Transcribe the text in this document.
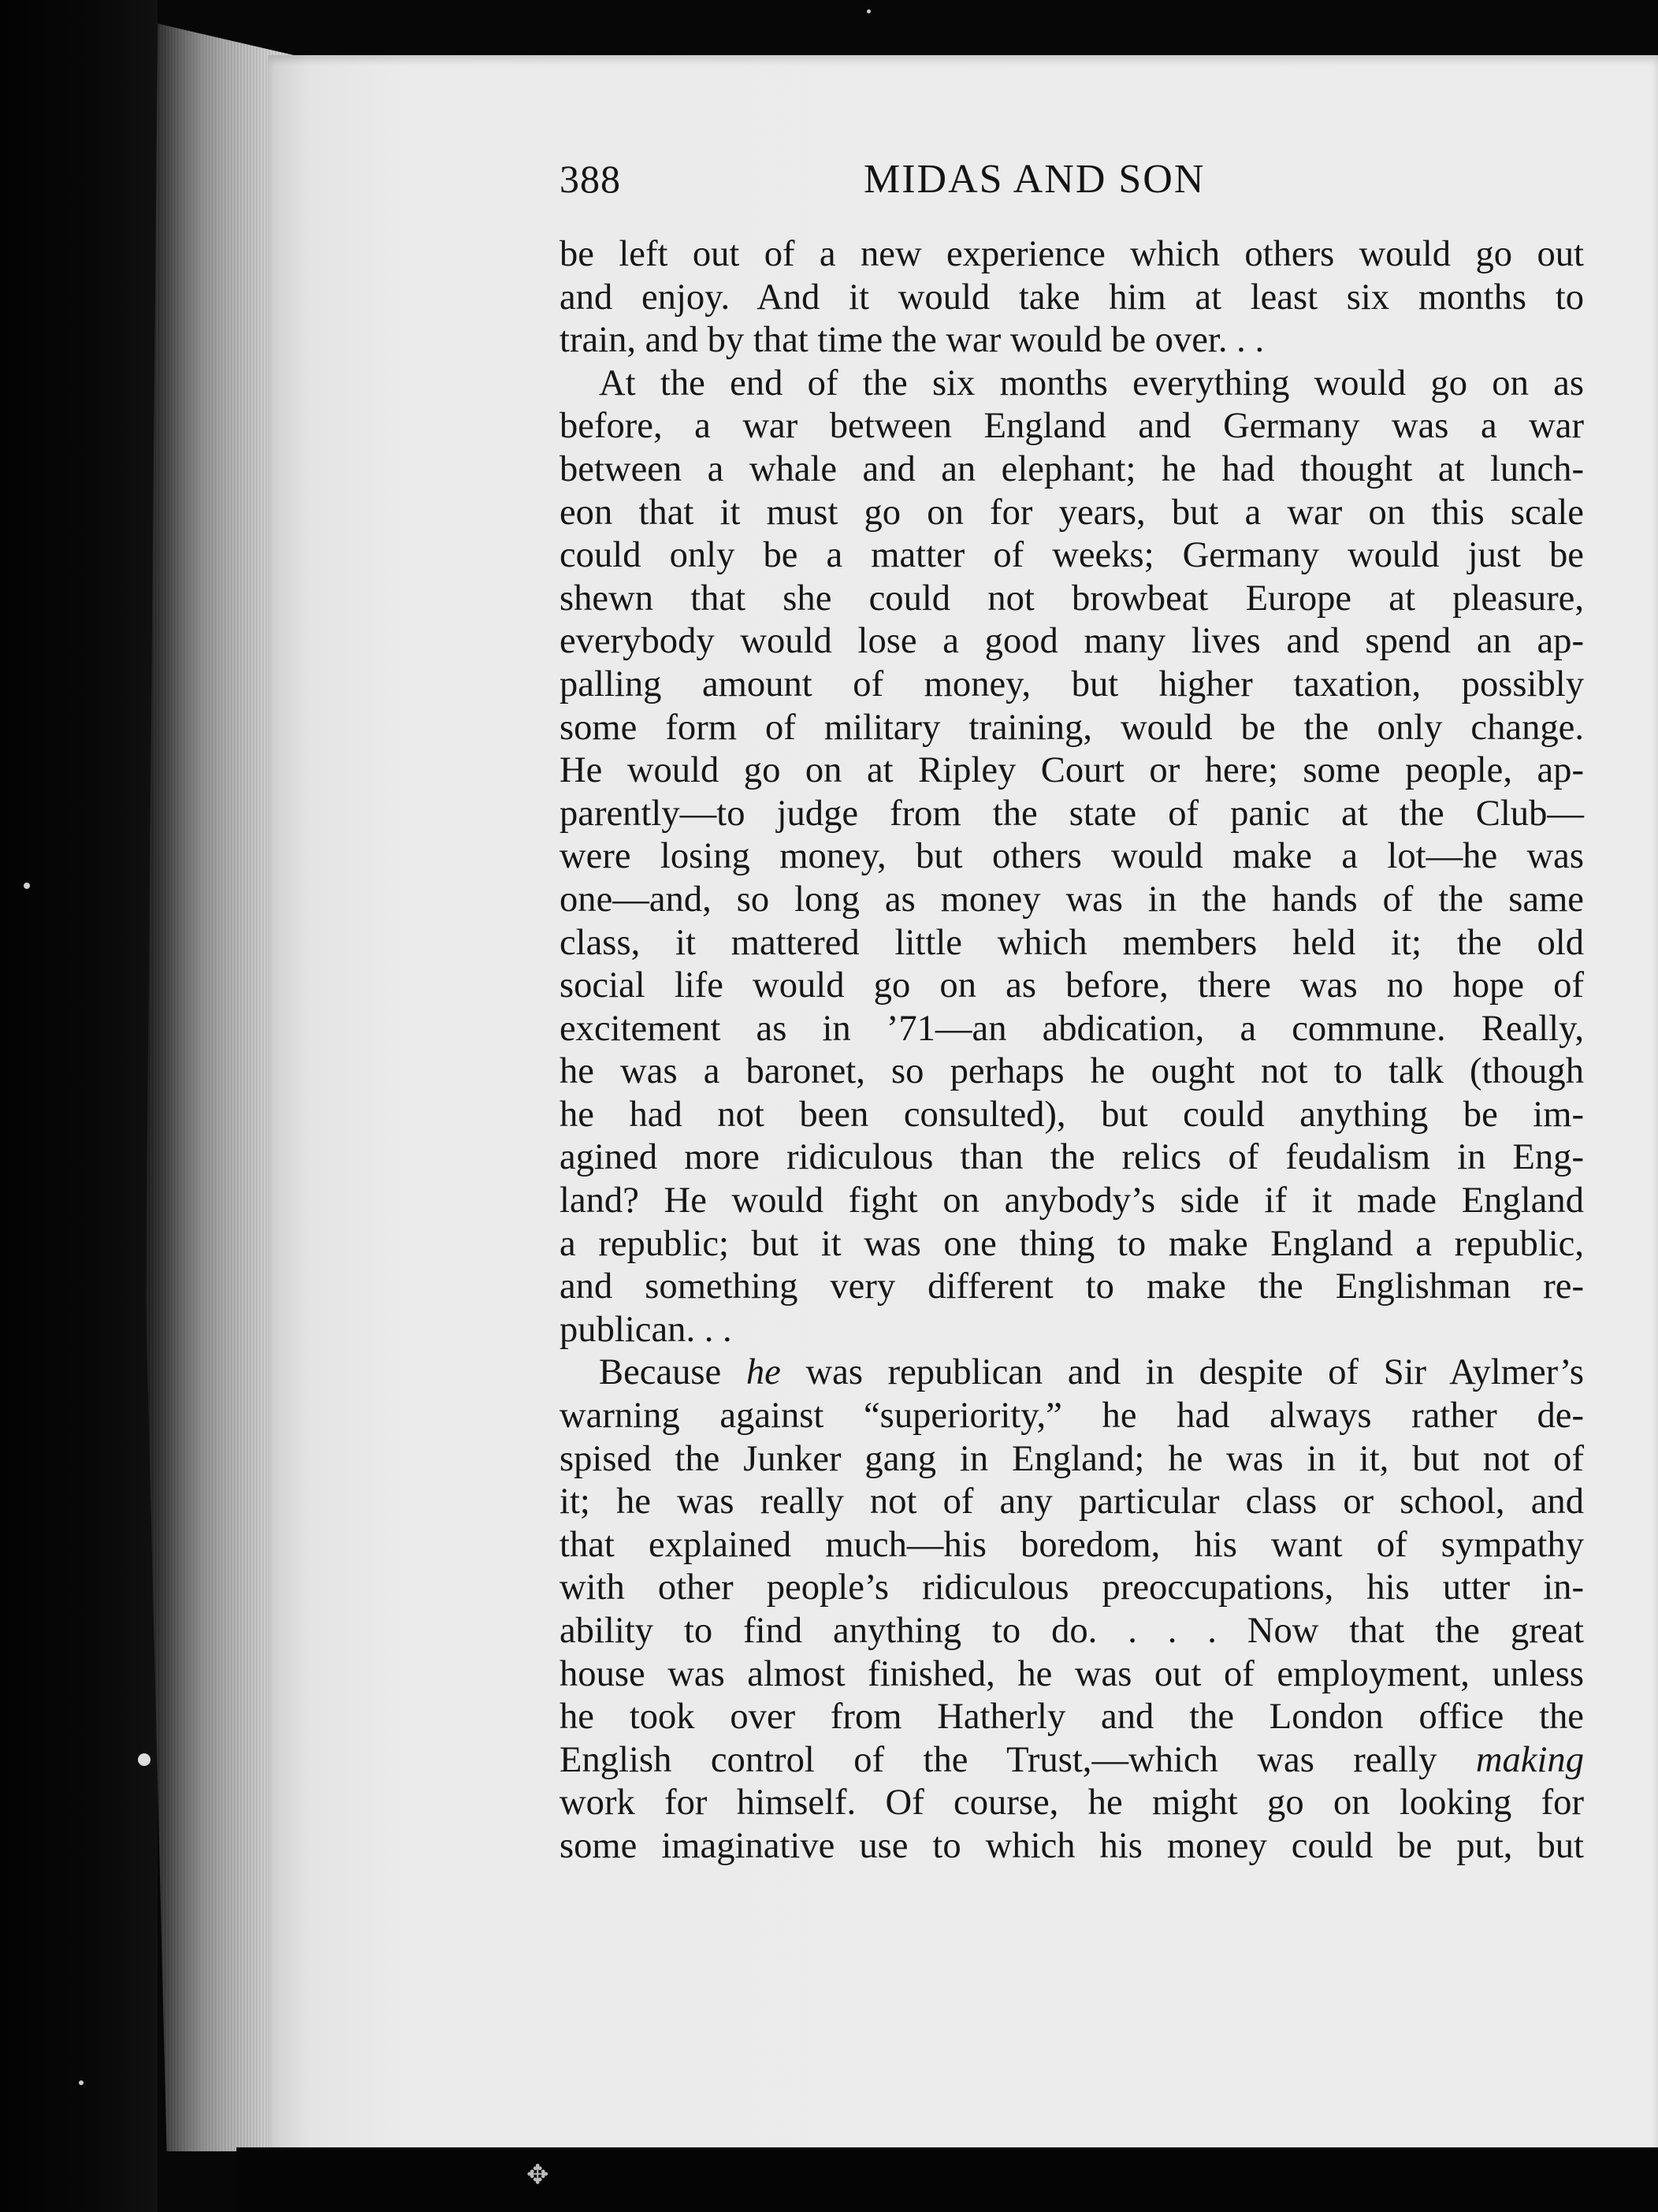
388	MIDAS AND SON
be left out of a new experience which others would go out
and enjoy. And it would take him at least six months to
train, and by that time the war would be over. . .
At the end of the six months everything would go on as
before, a war between England and Germany was a war
between a whale and an elephant; he had thought at lunch-
eon that it must go on for years, but a war on this scale
could only be a matter of weeks; Germany would just be
shewn that she could not browbeat Europe at pleasure,
everybody would lose a good many lives and spend an ap-
palling amount of money, but higher taxation, possibly
some form of military training, would be the only change.
He would go on at Ripley Court or here; some people, ap-
parently—to judge from the state of panic at the Club—
were losing money, but others would make a lot—he was
one—and, so long as money was in the hands of the same
class, it mattered little which members held it; the old
social life would go on as before, there was no hope of
excitement as in ’71—an abdication, a commune. Really,
he was a baronet, so perhaps he ought not to talk (though
he had not been consulted), but could anything be im-
agined more ridiculous than the relics of feudalism in Eng-
land? He would fight on anybody’s side if it made England
a republic; but it was one thing to make England a republic,
and something very different to make the Englishman re-
publican. . .
Because he was republican and in despite of Sir Aylmer’s
warning against “superiority,” he had always rather de-
spised the Junker gang in England; he was in it, but not of
it; he was really not of any particular class or school, and
that explained much—his boredom, his want of sympathy
with other people’s ridiculous preoccupations, his utter in-
ability to find anything to do. . . . Now that the great
house was almost finished, he was out of employment, unless
he took over from Hatherly and the London office the
English control of the Trust,—which was really making
work for himself. Of course, he might go on looking for
some imaginative use to which his money could be put, but
✥
